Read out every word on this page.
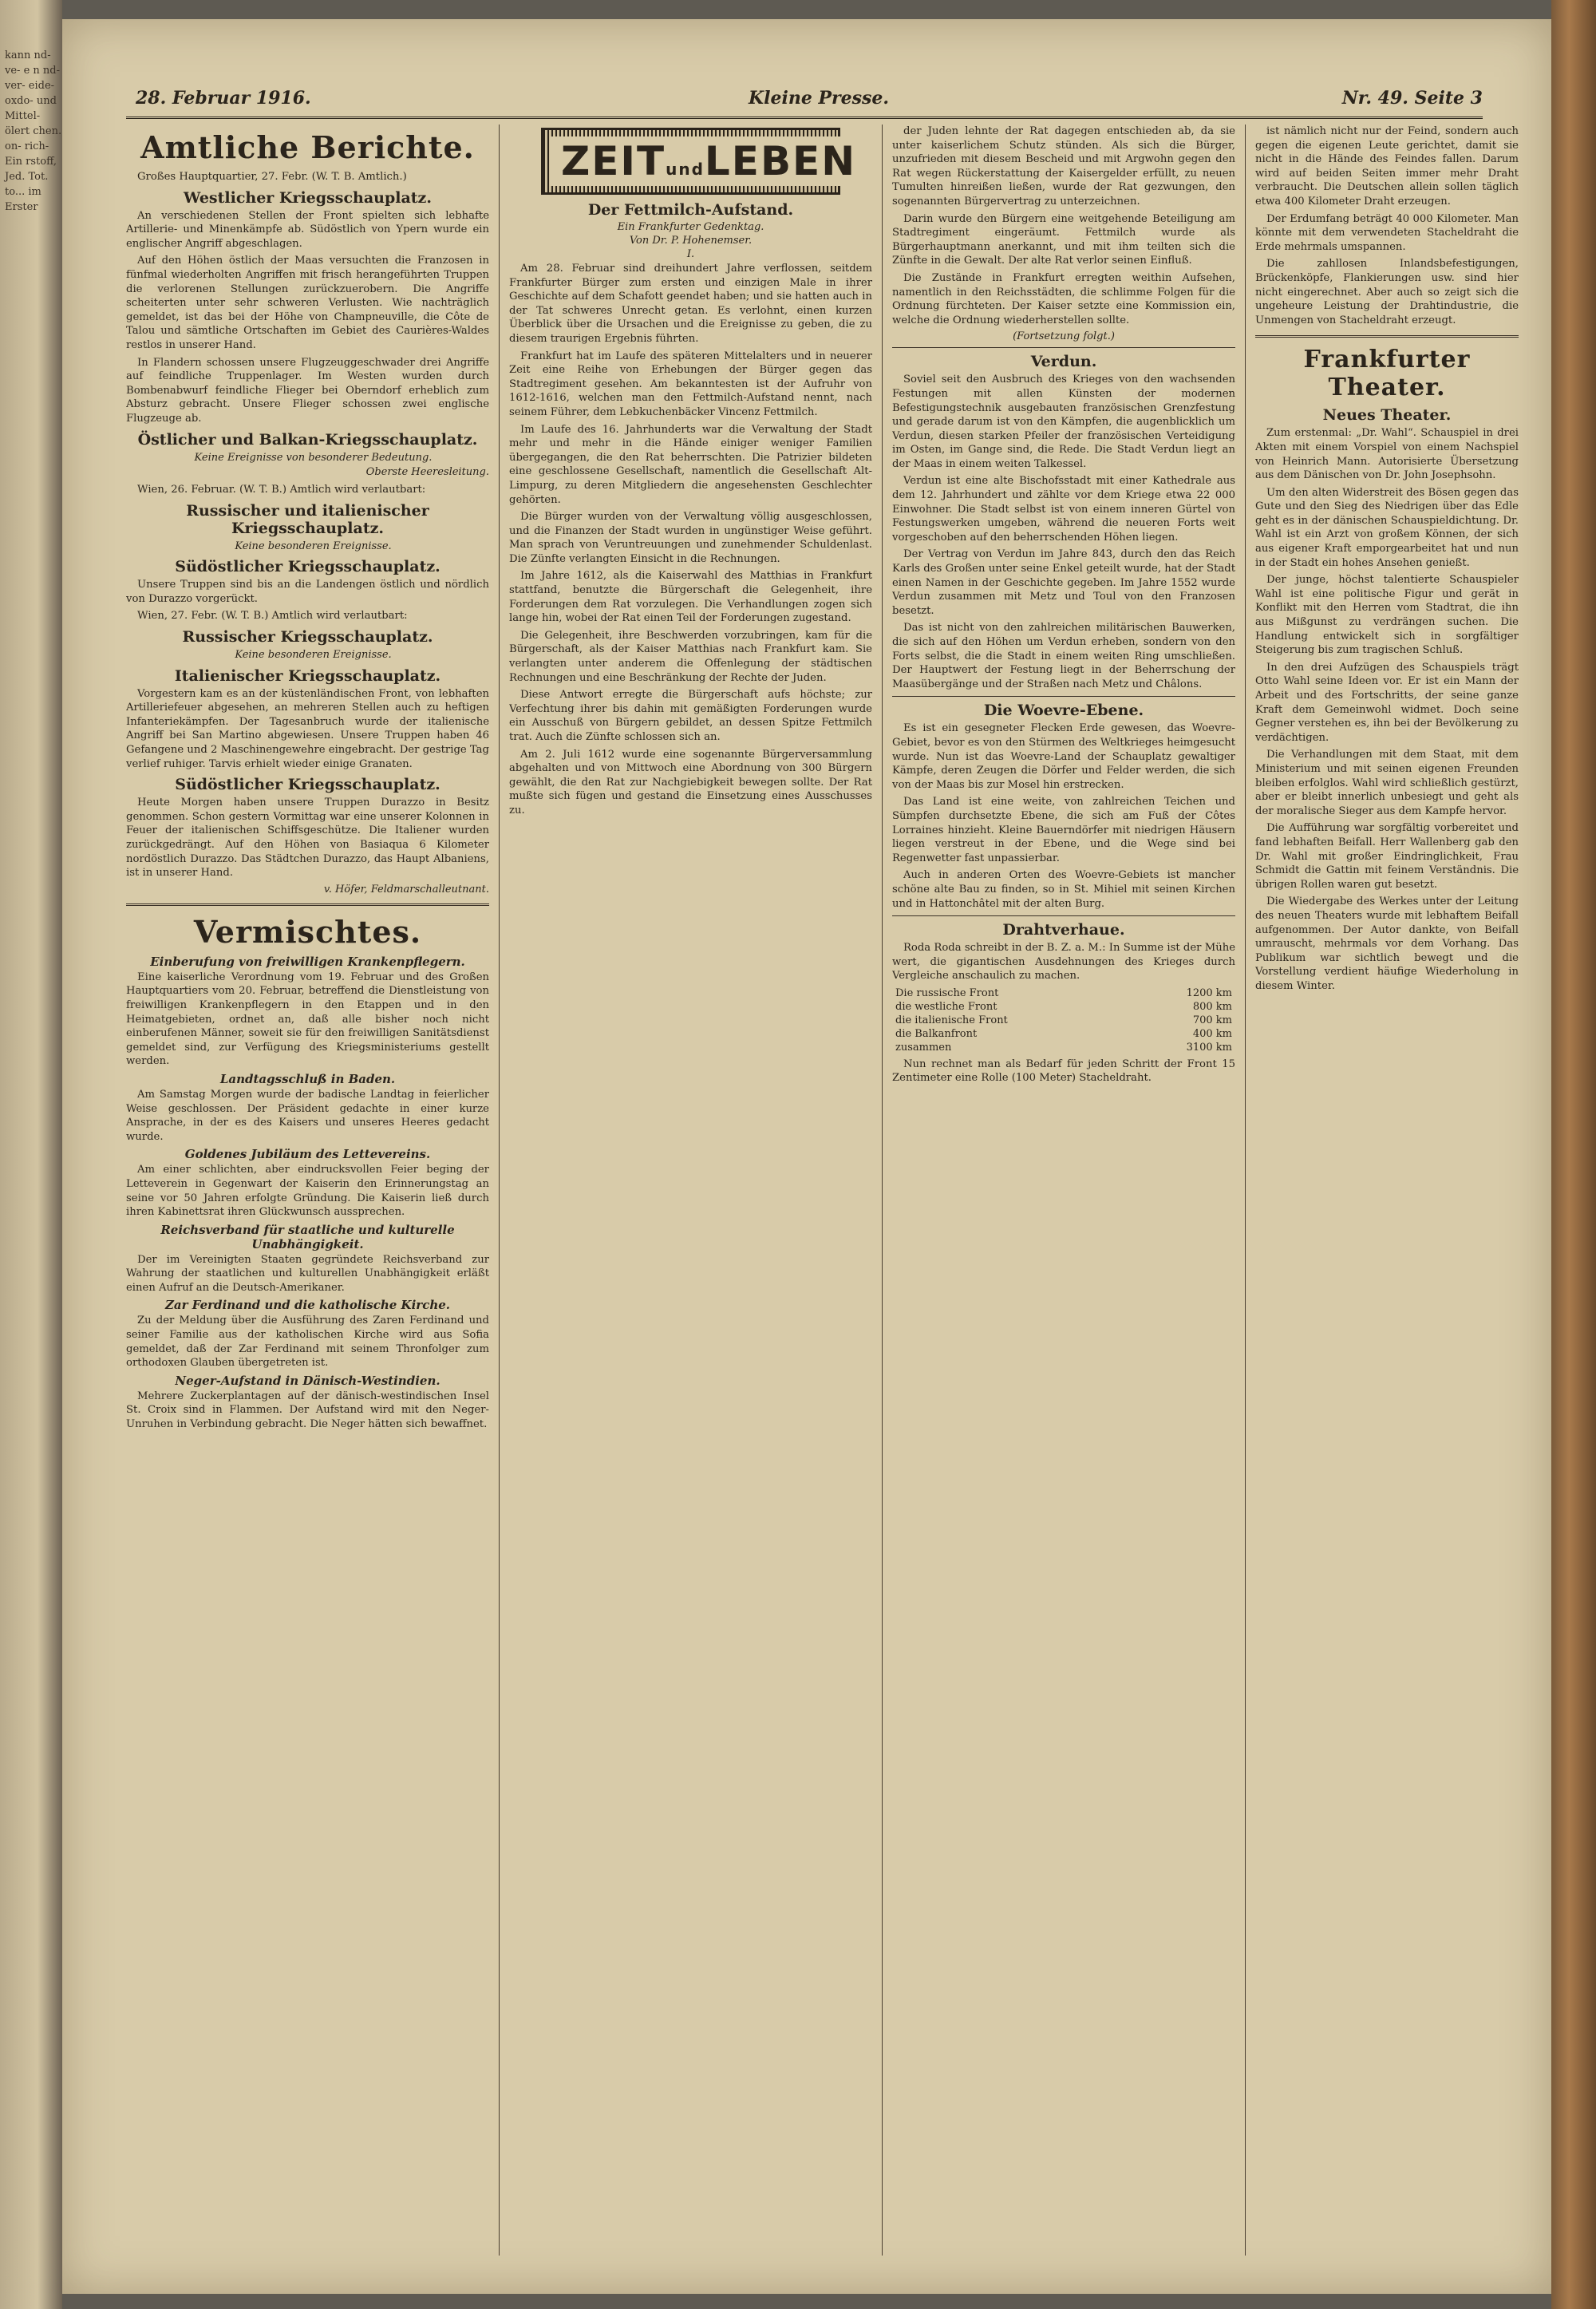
kann nd- ve- e n nd- ver- eide- oxdo- und Mittel- ölert chen. on- rich- Ein rstoff, Jed. Tot. to... im Erster
28. Februar 1916.	Kleine Presse.	Nr. 49. Seite 3
Amtliche Berichte.

Großes Hauptquartier, 27. Febr. (W. T. B. Amtlich.)

Westlicher Kriegsschauplatz.

An verschiedenen Stellen der Front spielten sich lebhafte Artillerie- und Minenkämpfe ab. Südöstlich von Ypern wurde ein englischer Angriff abgeschlagen.

Auf den Höhen östlich der Maas versuchten die Franzosen in fünfmal wiederholten Angriffen mit frisch herangeführten Truppen die verlorenen Stellungen zurückzuerobern. Die Angriffe scheiterten unter sehr schweren Verlusten. Wie nachträglich gemeldet, ist das bei der Höhe von Champneuville, die Côte de Talou und sämtliche Ortschaften im Gebiet des Caurières-Waldes restlos in unserer Hand.

In Flandern schossen unsere Flugzeuggeschwader drei Angriffe auf feindliche Truppenlager. Im Westen wurden durch Bombenabwurf feindliche Flieger bei Oberndorf erheblich zum Absturz gebracht. Unsere Flieger schossen zwei englische Flugzeuge ab.

Östlicher und Balkan-Kriegsschauplatz.

Keine Ereignisse von besonderer Bedeutung.

Oberste Heeresleitung.

Wien, 26. Februar. (W. T. B.) Amtlich wird verlautbart:

Russischer und italienischer Kriegsschauplatz.

Keine besonderen Ereignisse.

Südöstlicher Kriegsschauplatz.

Unsere Truppen sind bis an die Landengen östlich und nördlich von Durazzo vorgerückt.

Wien, 27. Febr. (W. T. B.) Amtlich wird verlautbart:

Russischer Kriegsschauplatz.

Keine besonderen Ereignisse.

Italienischer Kriegsschauplatz.

Vorgestern kam es an der küstenländischen Front, von lebhaften Artilleriefeuer abgesehen, an mehreren Stellen auch zu heftigen Infanteriekämpfen. Der Tagesanbruch wurde der italienische Angriff bei San Martino abgewiesen. Unsere Truppen haben 46 Gefangene und 2 Maschinengewehre eingebracht. Der gestrige Tag verlief ruhiger. Tarvis erhielt wieder einige Granaten.

Südöstlicher Kriegsschauplatz.

Heute Morgen haben unsere Truppen Durazzo in Besitz genommen. Schon gestern Vormittag war eine unserer Kolonnen in Feuer der italienischen Schiffsgeschütze. Die Italiener wurden zurückgedrängt. Auf den Höhen von Basiaqua 6 Kilometer nordöstlich Durazzo. Das Städtchen Durazzo, das Haupt Albaniens, ist in unserer Hand.

v. Höfer, Feldmarschalleutnant.
Vermischtes.
Einberufung von freiwilligen Krankenpflegern.

Eine kaiserliche Verordnung vom 19. Februar und des Großen Hauptquartiers vom 20. Februar, betreffend die Dienstleistung von freiwilligen Krankenpflegern in den Etappen und in den Heimatgebieten, ordnet an, daß alle bisher noch nicht einberufenen Männer, soweit sie für den freiwilligen Sanitätsdienst gemeldet sind, zur Verfügung des Kriegsministeriums gestellt werden.

Landtagsschluß in Baden.

Am Samstag Morgen wurde der badische Landtag in feierlicher Weise geschlossen. Der Präsident gedachte in einer kurze Ansprache, in der es des Kaisers und unseres Heeres gedacht wurde.

Goldenes Jubiläum des Lettevereins.

Am einer schlichten, aber eindrucksvollen Feier beging der Letteverein in Gegenwart der Kaiserin den Erinnerungstag an seine vor 50 Jahren erfolgte Gründung. Die Kaiserin ließ durch ihren Kabinettsrat ihren Glückwunsch aussprechen.

Reichsverband für staatliche und kulturelle Unabhängigkeit.

Der im Vereinigten Staaten gegründete Reichsverband zur Wahrung der staatlichen und kulturellen Unabhängigkeit erläßt einen Aufruf an die Deutsch-Amerikaner.

Zar Ferdinand und die katholische Kirche.

Zu der Meldung über die Ausführung des Zaren Ferdinand und seiner Familie aus der katholischen Kirche wird aus Sofia gemeldet, daß der Zar Ferdinand mit seinem Thronfolger zum orthodoxen Glauben übergetreten ist.

Neger-Aufstand in Dänisch-Westindien.

Mehrere Zuckerplantagen auf der dänisch-westindischen Insel St. Croix sind in Flammen. Der Aufstand wird mit den Neger-Unruhen in Verbindung gebracht. Die Neger hätten sich bewaffnet.

ZEITundLEBEN
Der Fettmilch-Aufstand.
Ein Frankfurter Gedenktag.
Von Dr. P. Hohenemser.
I.

Am 28. Februar sind dreihundert Jahre verflossen, seitdem Frankfurter Bürger zum ersten und einzigen Male in ihrer Geschichte auf dem Schafott geendet haben; und sie hatten auch in der Tat schweres Unrecht getan. Es verlohnt, einen kurzen Überblick über die Ursachen und die Ereignisse zu geben, die zu diesem traurigen Ergebnis führten.

Frankfurt hat im Laufe des späteren Mittelalters und in neuerer Zeit eine Reihe von Erhebungen der Bürger gegen das Stadtregiment gesehen. Am bekanntesten ist der Aufruhr von 1612-1616, welchen man den Fettmilch-Aufstand nennt, nach seinem Führer, dem Lebkuchenbäcker Vincenz Fettmilch.

Im Laufe des 16. Jahrhunderts war die Verwaltung der Stadt mehr und mehr in die Hände einiger weniger Familien übergegangen, die den Rat beherrschten. Die Patrizier bildeten eine geschlossene Gesellschaft, namentlich die Gesellschaft Alt-Limpurg, zu deren Mitgliedern die angesehensten Geschlechter gehörten.

Die Bürger wurden von der Verwaltung völlig ausgeschlossen, und die Finanzen der Stadt wurden in ungünstiger Weise geführt. Man sprach von Veruntreuungen und zunehmender Schuldenlast. Die Zünfte verlangten Einsicht in die Rechnungen.

Im Jahre 1612, als die Kaiserwahl des Matthias in Frankfurt stattfand, benutzte die Bürgerschaft die Gelegenheit, ihre Forderungen dem Rat vorzulegen. Die Verhandlungen zogen sich lange hin, wobei der Rat einen Teil der Forderungen zugestand.

Die Gelegenheit, ihre Beschwerden vorzubringen, kam für die Bürgerschaft, als der Kaiser Matthias nach Frankfurt kam. Sie verlangten unter anderem die Offenlegung der städtischen Rechnungen und eine Beschränkung der Rechte der Juden.

Diese Antwort erregte die Bürgerschaft aufs höchste; zur Verfechtung ihrer bis dahin mit gemäßigten Forderungen wurde ein Ausschuß von Bürgern gebildet, an dessen Spitze Fettmilch trat. Auch die Zünfte schlossen sich an.

Am 2. Juli 1612 wurde eine sogenannte Bürgerversammlung abgehalten und von Mittwoch eine Abordnung von 300 Bürgern gewählt, die den Rat zur Nachgiebigkeit bewegen sollte. Der Rat mußte sich fügen und gestand die Einsetzung eines Ausschusses zu.

der Juden lehnte der Rat dagegen entschieden ab, da sie unter kaiserlichem Schutz stünden. Als sich die Bürger, unzufrieden mit diesem Bescheid und mit Argwohn gegen den Rat wegen Rückerstattung der Kaisergelder erfüllt, zu neuen Tumulten hinreißen ließen, wurde der Rat gezwungen, den sogenannten Bürgervertrag zu unterzeichnen.

Darin wurde den Bürgern eine weitgehende Beteiligung am Stadtregiment eingeräumt. Fettmilch wurde als Bürgerhauptmann anerkannt, und mit ihm teilten sich die Zünfte in die Gewalt. Der alte Rat verlor seinen Einfluß.

Die Zustände in Frankfurt erregten weithin Aufsehen, namentlich in den Reichsstädten, die schlimme Folgen für die Ordnung fürchteten. Der Kaiser setzte eine Kommission ein, welche die Ordnung wiederherstellen sollte.

(Fortsetzung folgt.)
Verdun.

Soviel seit den Ausbruch des Krieges von den wachsenden Festungen mit allen Künsten der modernen Befestigungstechnik ausgebauten französischen Grenzfestung und gerade darum ist von den Kämpfen, die augenblicklich um Verdun, diesen starken Pfeiler der französischen Verteidigung im Osten, im Gange sind, die Rede. Die Stadt Verdun liegt an der Maas in einem weiten Talkessel.

Verdun ist eine alte Bischofsstadt mit einer Kathedrale aus dem 12. Jahrhundert und zählte vor dem Kriege etwa 22 000 Einwohner. Die Stadt selbst ist von einem inneren Gürtel von Festungswerken umgeben, während die neueren Forts weit vorgeschoben auf den beherrschenden Höhen liegen.

Der Vertrag von Verdun im Jahre 843, durch den das Reich Karls des Großen unter seine Enkel geteilt wurde, hat der Stadt einen Namen in der Geschichte gegeben. Im Jahre 1552 wurde Verdun zusammen mit Metz und Toul von den Franzosen besetzt.

Das ist nicht von den zahlreichen militärischen Bauwerken, die sich auf den Höhen um Verdun erheben, sondern von den Forts selbst, die die Stadt in einem weiten Ring umschließen. Der Hauptwert der Festung liegt in der Beherrschung der Maasübergänge und der Straßen nach Metz und Châlons.

Die Woevre-Ebene.

Es ist ein gesegneter Flecken Erde gewesen, das Woevre-Gebiet, bevor es von den Stürmen des Weltkrieges heimgesucht wurde. Nun ist das Woevre-Land der Schauplatz gewaltiger Kämpfe, deren Zeugen die Dörfer und Felder werden, die sich von der Maas bis zur Mosel hin erstrecken.

Das Land ist eine weite, von zahlreichen Teichen und Sümpfen durchsetzte Ebene, die sich am Fuß der Côtes Lorraines hinzieht. Kleine Bauerndörfer mit niedrigen Häusern liegen verstreut in der Ebene, und die Wege sind bei Regenwetter fast unpassierbar.

Auch in anderen Orten des Woevre-Gebiets ist mancher schöne alte Bau zu finden, so in St. Mihiel mit seinen Kirchen und in Hattonchâtel mit der alten Burg.

Drahtverhaue.

Roda Roda schreibt in der B. Z. a. M.: In Summe ist der Mühe wert, die gigantischen Ausdehnungen des Krieges durch Vergleiche anschaulich zu machen.

Die russische Front	1200 km
die westliche Front	800 km
die italienische Front	700 km
die Balkanfront	400 km
zusammen	3100 km

Nun rechnet man als Bedarf für jeden Schritt der Front 15 Zentimeter eine Rolle (100 Meter) Stacheldraht.

ist nämlich nicht nur der Feind, sondern auch gegen die eigenen Leute gerichtet, damit sie nicht in die Hände des Feindes fallen. Darum wird auf beiden Seiten immer mehr Draht verbraucht. Die Deutschen allein sollen täglich etwa 400 Kilometer Draht erzeugen.

Der Erdumfang beträgt 40 000 Kilometer. Man könnte mit dem verwendeten Stacheldraht die Erde mehrmals umspannen.

Die zahllosen Inlandsbefestigungen, Brückenköpfe, Flankierungen usw. sind hier nicht eingerechnet. Aber auch so zeigt sich die ungeheure Leistung der Drahtindustrie, die Unmengen von Stacheldraht erzeugt.

Frankfurter Theater.
Neues Theater.

Zum erstenmal: „Dr. Wahl“. Schauspiel in drei Akten mit einem Vorspiel von einem Nachspiel von Heinrich Mann. Autorisierte Übersetzung aus dem Dänischen von Dr. John Josephsohn.

Um den alten Widerstreit des Bösen gegen das Gute und den Sieg des Niedrigen über das Edle geht es in der dänischen Schauspieldichtung. Dr. Wahl ist ein Arzt von großem Können, der sich aus eigener Kraft emporgearbeitet hat und nun in der Stadt ein hohes Ansehen genießt.

Der junge, höchst talentierte Schauspieler Wahl ist eine politische Figur und gerät in Konflikt mit den Herren vom Stadtrat, die ihn aus Mißgunst zu verdrängen suchen. Die Handlung entwickelt sich in sorgfältiger Steigerung bis zum tragischen Schluß.

In den drei Aufzügen des Schauspiels trägt Otto Wahl seine Ideen vor. Er ist ein Mann der Arbeit und des Fortschritts, der seine ganze Kraft dem Gemeinwohl widmet. Doch seine Gegner verstehen es, ihn bei der Bevölkerung zu verdächtigen.

Die Verhandlungen mit dem Staat, mit dem Ministerium und mit seinen eigenen Freunden bleiben erfolglos. Wahl wird schließlich gestürzt, aber er bleibt innerlich unbesiegt und geht als der moralische Sieger aus dem Kampfe hervor.

Die Aufführung war sorgfältig vorbereitet und fand lebhaften Beifall. Herr Wallenberg gab den Dr. Wahl mit großer Eindringlichkeit, Frau Schmidt die Gattin mit feinem Verständnis. Die übrigen Rollen waren gut besetzt.

Die Wiedergabe des Werkes unter der Leitung des neuen Theaters wurde mit lebhaftem Beifall aufgenommen. Der Autor dankte, von Beifall umrauscht, mehrmals vor dem Vorhang. Das Publikum war sichtlich bewegt und die Vorstellung verdient häufige Wiederholung in diesem Winter.
